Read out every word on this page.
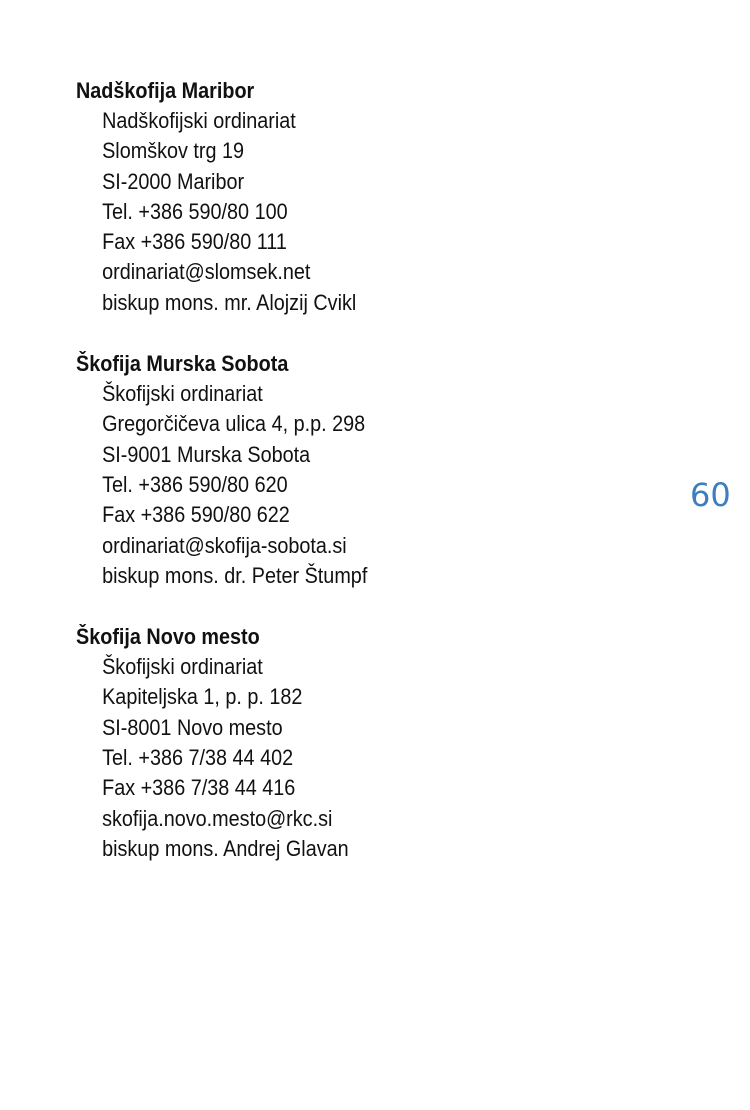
Nadškofija Maribor
Nadškofijski ordinariat
Slomškov trg 19
SI-2000 Maribor
Tel. +386 590/80 100
Fax +386 590/80 111
ordinariat@slomsek.net
biskup mons. mr. Alojzij Cvikl
Škofija Murska Sobota
Škofijski ordinariat
Gregorčičeva ulica 4, p.p. 298
SI-9001 Murska Sobota
Tel. +386 590/80 620
Fax +386 590/80 622
ordinariat@skofija-sobota.si
biskup mons. dr. Peter Štumpf
Škofija Novo mesto
Škofijski ordinariat
Kapiteljska 1, p. p. 182
SI-8001 Novo mesto
Tel. +386 7/38 44 402
Fax +386 7/38 44 416
skofija.novo.mesto@rkc.si
biskup mons. Andrej Glavan
60
